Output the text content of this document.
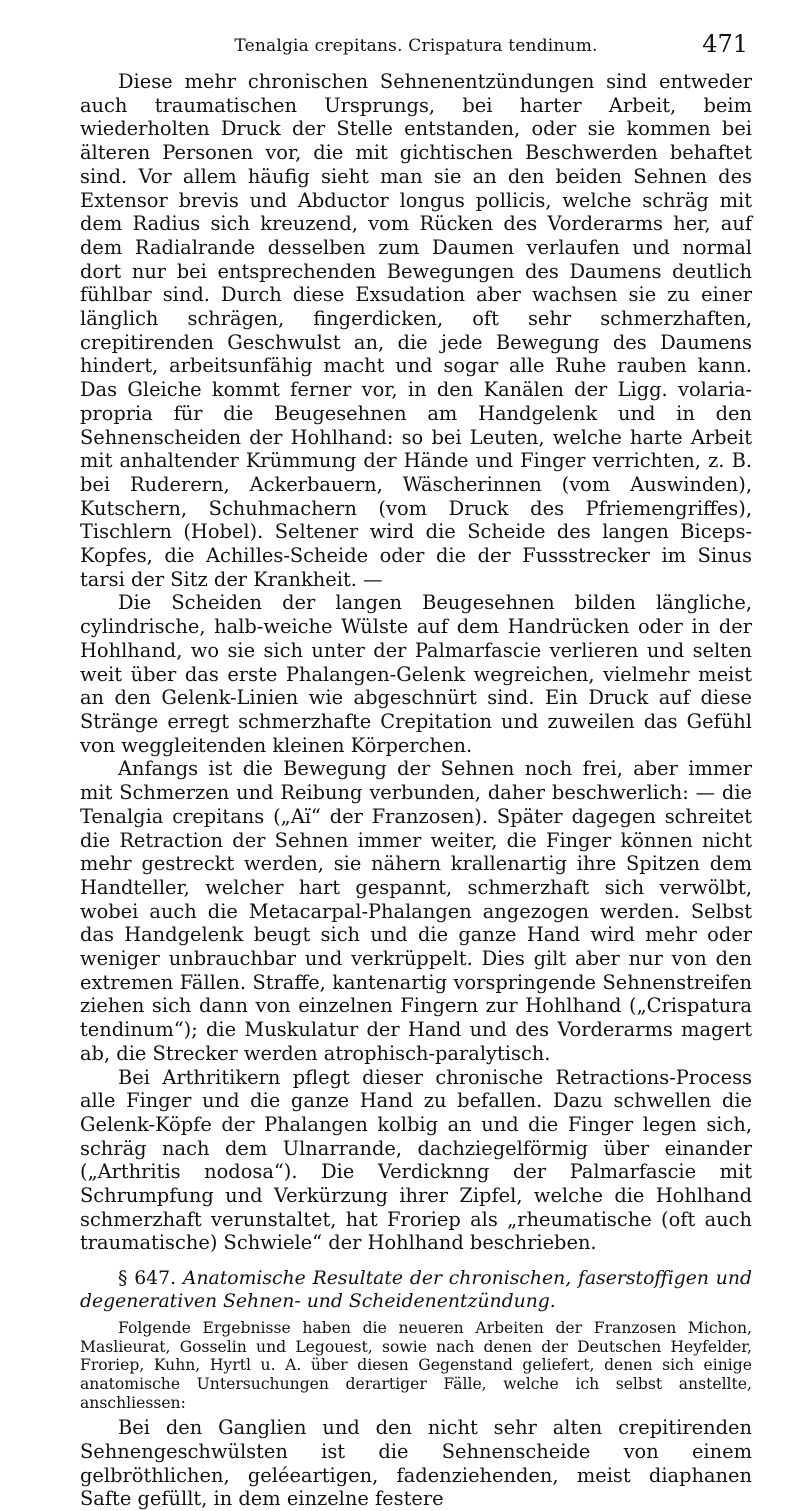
Tenalgia crepitans. Crispatura tendinum.	471

Diese mehr chronischen Sehnenentzündungen sind entweder auch traumatischen Ursprungs, bei harter Arbeit, beim wiederholten Druck der Stelle entstanden, oder sie kommen bei älteren Personen vor, die mit gichtischen Beschwerden behaftet sind. Vor allem häufig sieht man sie an den beiden Sehnen des Extensor brevis und Abductor longus pollicis, welche schräg mit dem Radius sich kreuzend, vom Rücken des Vorderarms her, auf dem Radialrande desselben zum Daumen verlaufen und normal dort nur bei entsprechenden Bewegungen des Daumens deutlich fühlbar sind. Durch diese Exsudation aber wachsen sie zu einer länglich schrägen, fingerdicken, oft sehr schmerzhaften, crepitirenden Geschwulst an, die jede Bewegung des Daumens hindert, arbeitsunfähig macht und sogar alle Ruhe rauben kann. Das Gleiche kommt ferner vor, in den Kanälen der Ligg. volaria-propria für die Beugesehnen am Handgelenk und in den Sehnenscheiden der Hohlhand: so bei Leuten, welche harte Arbeit mit anhaltender Krümmung der Hände und Finger verrichten, z. B. bei Ruderern, Ackerbauern, Wäscherinnen (vom Auswinden), Kutschern, Schuhmachern (vom Druck des Pfriemengriffes), Tischlern (Hobel). Seltener wird die Scheide des langen Biceps-Kopfes, die Achilles-Scheide oder die der Fussstrecker im Sinus tarsi der Sitz der Krankheit. —

Die Scheiden der langen Beugesehnen bilden längliche, cylindrische, halb-weiche Wülste auf dem Handrücken oder in der Hohlhand, wo sie sich unter der Palmarfascie verlieren und selten weit über das erste Phalangen-Gelenk wegreichen, vielmehr meist an den Gelenk-Linien wie abgeschnürt sind. Ein Druck auf diese Stränge erregt schmerzhafte Crepitation und zuweilen das Gefühl von weggleitenden kleinen Körperchen.

Anfangs ist die Bewegung der Sehnen noch frei, aber immer mit Schmerzen und Reibung verbunden, daher beschwerlich: — die Tenalgia crepitans („Aï“ der Franzosen). Später dagegen schreitet die Retraction der Sehnen immer weiter, die Finger können nicht mehr gestreckt werden, sie nähern krallenartig ihre Spitzen dem Handteller, welcher hart gespannt, schmerzhaft sich verwölbt, wobei auch die Metacarpal-Phalangen angezogen werden. Selbst das Handgelenk beugt sich und die ganze Hand wird mehr oder weniger unbrauchbar und verkrüppelt. Dies gilt aber nur von den extremen Fällen. Straffe, kantenartig vorspringende Sehnenstreifen ziehen sich dann von einzelnen Fingern zur Hohlhand („Crispatura tendinum“); die Muskulatur der Hand und des Vorderarms magert ab, die Strecker werden atrophisch-paralytisch.

Bei Arthritikern pflegt dieser chronische Retractions-Process alle Finger und die ganze Hand zu befallen. Dazu schwellen die Gelenk-Köpfe der Phalangen kolbig an und die Finger legen sich, schräg nach dem Ulnarrande, dachziegelförmig über einander („Arthritis nodosa“). Die Verdicknng der Palmarfascie mit Schrumpfung und Verkürzung ihrer Zipfel, welche die Hohlhand schmerzhaft verunstaltet, hat Froriep als „rheumatische (oft auch traumatische) Schwiele“ der Hohlhand beschrieben.

§ 647. Anatomische Resultate der chronischen, faserstoffigen und degenerativen Sehnen- und Scheidenentzündung.
Folgende Ergebnisse haben die neueren Arbeiten der Franzosen Michon, Maslieurat, Gosselin und Legouest, sowie nach denen der Deutschen Heyfelder, Froriep, Kuhn, Hyrtl u. A. über diesen Gegenstand geliefert, denen sich einige anatomische Untersuchungen derartiger Fälle, welche ich selbst anstellte, anschliessen:

Bei den Ganglien und den nicht sehr alten crepitirenden Sehnengeschwülsten ist die Sehnenscheide von einem gelbröthlichen, geléeartigen, fadenziehenden, meist diaphanen Safte gefüllt, in dem einzelne festere
